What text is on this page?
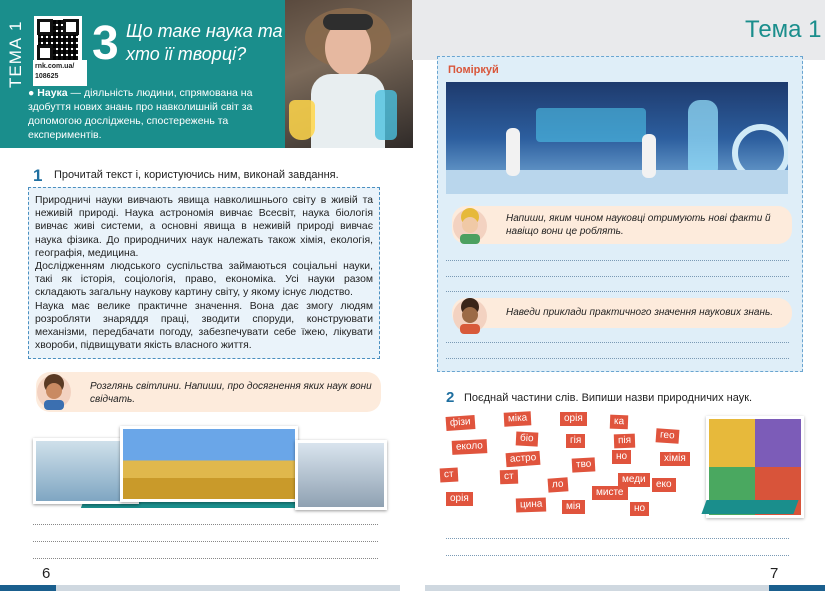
ТЕМА 1	rnk.com.ua/
108625
3 Що таке наука та хто її творці?
● Наука — діяльність людини, спрямована на здобуття нових знань про навколишній світ за допомогою досліджень, спостережень та експериментів.
1 Прочитай текст і, користуючись ним, виконай завдання.

Природничі науки вивчають явища навколишнього світу в живій та неживій природі. Наука астрономія вивчає Всесвіт, наука біологія вивчає живі системи, а основні явища в неживій природі вивчає наука фізика. До природничих наук належать також хімія, екологія, географія, медицина.

Дослідженням людського суспільства займаються соціальні науки, такі як історія, соціологія, право, економіка. Усі науки разом складають загальну наукову картину світу, у якому існує людство.

Наука має велике практичне значення. Вона дає змогу людям розробляти знаряддя праці, зводити споруди, конструювати механізми, передбачати погоду, забезпечувати себе їжею, лікувати хвороби, підвищувати якість власного життя.

Розглянь світлини. Напиши, про досягнення яких наук вони свідчать.
6
Тема 1
Поміркуй
Напиши, яким чином науковці отримують нові факти й навіщо вони це роблять.
Наведи приклади практичного значення наукових знань.
2 Поєднай частини слів. Випиши назви природничих наук.
фізи	міка	орія	ка
еколо
біо	гія	пія	гео
астро	тво
но	хімія
ст	ст
ло	меди	еко
орія
мисте
цина	мія	но
7
